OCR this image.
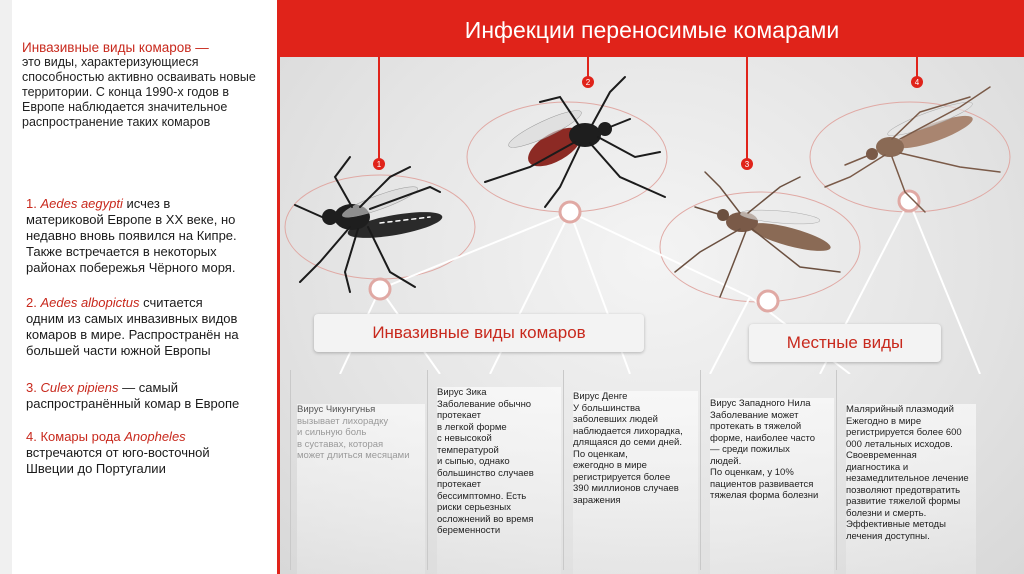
Инвазивные виды комаров —
это виды, характеризующиеся
способностью активно осваивать новые
территории. С конца 1990-х годов в
Европе наблюдается значительное
распространение таких комаров
1. Aedes aegypti исчез в
материковой Европе в XX веке, но
недавно вновь появился на Кипре.
Также встречается в некоторых
районах побережья Чёрного моря.
2. Aedes albopictus считается
одним из самых инвазивных видов
комаров в мире. Распространён на
большей части южной Европы
3. Culex pipiens — самый
распространённый комар в Европе
4. Комары рода Anopheles
встречаются от юго-восточной
Швеции до Португалии
Инфекции переносимые комарами
1
2
3
4
Инвазивные виды комаров
Местные виды
Вирус Чикунгунья
вызывает лихорадку
и сильную боль
в суставах, которая
может длиться месяцами
Вирус Зика
Заболевание обычно
протекает
в легкой форме
с невысокой
температурой
и сыпью, однако
большинство случаев
протекает
бессимптомно. Есть
риски серьезных
осложнений во время
беременности
Вирус Денге
У большинства
заболевших людей
наблюдается лихорадка,
длящаяся до семи дней.
По оценкам,
ежегодно в мире
регистрируется более
390 миллионов случаев
заражения
Вирус Западного Нила
Заболевание может
протекать в тяжелой
форме, наиболее часто
— среди пожилых
людей.
По оценкам, у 10%
пациентов развивается
тяжелая форма болезни
Малярийный плазмодий
Ежегодно в мире
регистрируется более 600
000 летальных исходов.
Своевременная
диагностика и
незамедлительное лечение
позволяют предотвратить
развитие тяжелой формы
болезни и смерть.
Эффективные методы
лечения доступны.
